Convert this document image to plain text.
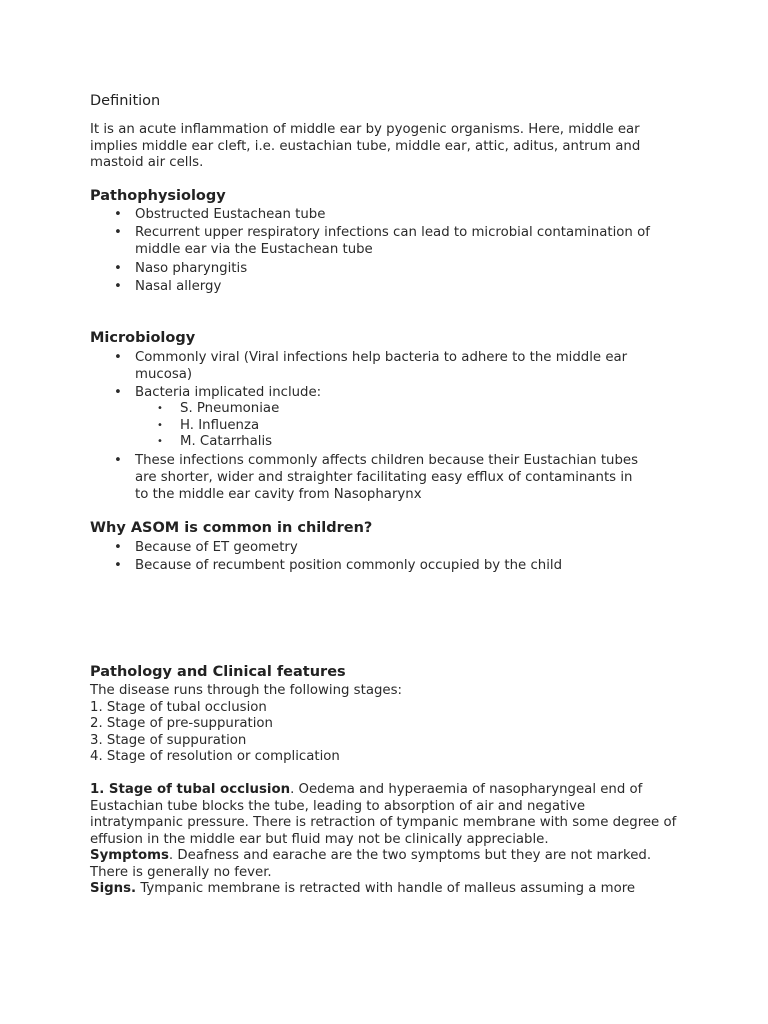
Definition

It is an acute inflammation of middle ear by pyogenic organisms. Here, middle ear implies middle ear cleft, i.e. eustachian tube, middle ear, attic, aditus, antrum and mastoid air cells.

Pathophysiology
• Obstructed Eustachean tube
• Recurrent upper respiratory infections can lead to microbial contamination of middle ear via the Eustachean tube
• Naso pharyngitis
• Nasal allergy
Microbiology
• Commonly viral (Viral infections help bacteria to adhere to the middle ear mucosa)
• Bacteria implicated include:
• S. Pneumoniae
• H. Influenza
• M. Catarrhalis
• These infections commonly affects children because their Eustachian tubes are shorter, wider and straighter facilitating easy efflux of contaminants in to the middle ear cavity from Nasopharynx
Why ASOM is common in children?
• Because of ET geometry
• Because of recumbent position commonly occupied by the child
Pathology and Clinical features
The disease runs through the following stages:
1. Stage of tubal occlusion
2. Stage of pre-suppuration
3. Stage of suppuration
4. Stage of resolution or complication

1. Stage of tubal occlusion. Oedema and hyperaemia of nasopharyngeal end of Eustachian tube blocks the tube, leading to absorption of air and negative intratympanic pressure. There is retraction of tympanic membrane with some degree of effusion in the middle ear but fluid may not be clinically appreciable.

Symptoms. Deafness and earache are the two symptoms but they are not marked. There is generally no fever.

Signs. Tympanic membrane is retracted with handle of malleus assuming a more
